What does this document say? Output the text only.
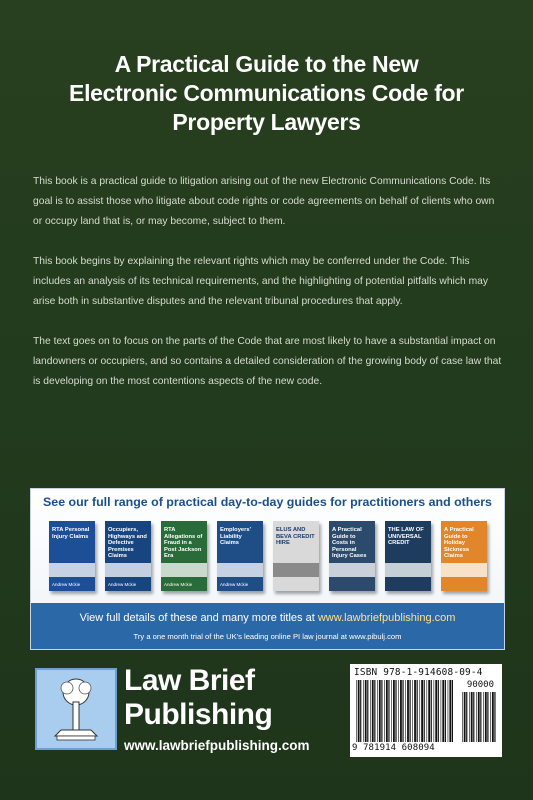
A Practical Guide to the New
Electronic Communications Code for
Property Lawyers

This book is a practical guide to litigation arising out of the new Electronic Communications Code. Its goal is to assist those who litigate about code rights or code agreements on behalf of clients who own or occupy land that is, or may become, subject to them.

This book begins by explaining the relevant rights which may be conferred under the Code. This includes an analysis of its technical requirements, and the highlighting of potential pitfalls which may arise both in substantive disputes and the relevant tribunal procedures that apply.

The text goes on to focus on the parts of the Code that are most likely to have a substantial impact on landowners or occupiers, and so contains a detailed consideration of the growing body of case law that is developing on the most contentions aspects of the new code.

See our full range of practical day-to-day guides for practitioners and others
RTA Personal Injury Claims
Andrew Mckie
Occupiers, Highways and Defective Premises Claims
Andrew Mckie
RTA Allegations of Fraud in a Post Jackson Era
Andrew Mckie
Employers' Liability Claims
Andrew Mckie
ELUS AND BEVA CREDIT HIRE
A Practical Guide to Costs in Personal Injury Cases
THE LAW OF UNIVERSAL CREDIT
A Practical Guide to Holiday Sickness Claims
View full details of these and many more titles at www.lawbriefpublishing.com
Try a one month trial of the UK's leading online PI law journal at www.pibulj.com
Law Brief
Publishing
www.lawbriefpublishing.com
ISBN 978-1-914608-09-4
90000
9 781914 608094
